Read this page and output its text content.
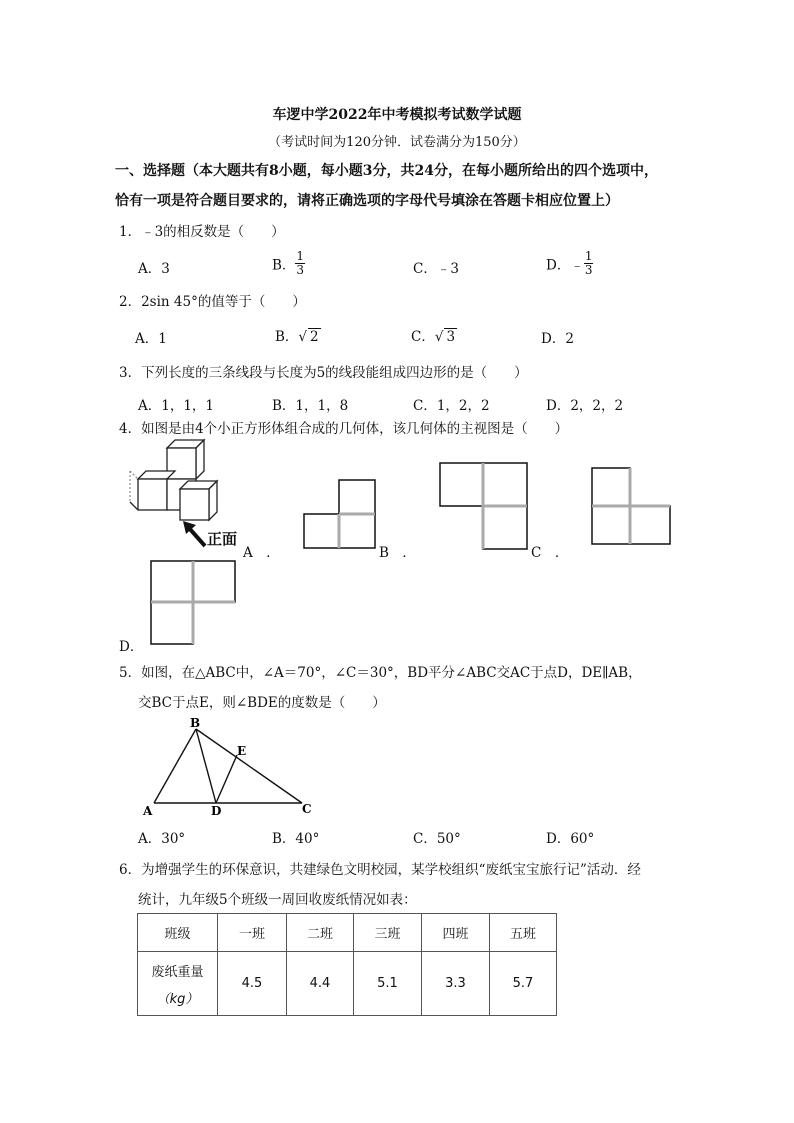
车逻中学2022年中考模拟考试数学试题
（考试时间为120分钟．试卷满分为150分）
一、选择题（本大题共有8小题，每小题3分，共24分，在每小题所给出的四个选项中，
恰有一项是符合题目要求的，请将正确选项的字母代号填涂在答题卡相应位置上）
1．﹣3的相反数是（　　）
A．3	B． $\frac{1}{3}$	C．﹣3	D．﹣ $\frac{1}{3}$
2．2sin 45°的值等于（　　）
A．1	B．√ 2	C．√ 3	D．2
3．下列长度的三条线段与长度为5的线段能组成四边形的是（　　）
A．1，1，1	B．1，1，8	C．1，2，2	D．2，2，2
4．如图是由4个小正方形体组合成的几何体，该几何体的主视图是（　　）
正面
A　．	B　．	C　．
D．
5．如图，在△ABC中，∠A＝70°，∠C＝30°，BD平分∠ABC交AC于点D，DE∥AB，
交BC于点E，则∠BDE的度数是（　　）
B
E
A	D	C
A．30°	B．40°	C．50°	D．60°
6．为增强学生的环保意识，共建绿色文明校园，某学校组织“废纸宝宝旅行记”活动．经
统计，九年级5个班级一周回收废纸情况如表：
班级	一班	二班	三班	四班	五班

废纸重量
（kg）	4.5	4.4	5.1	3.3	5.7
